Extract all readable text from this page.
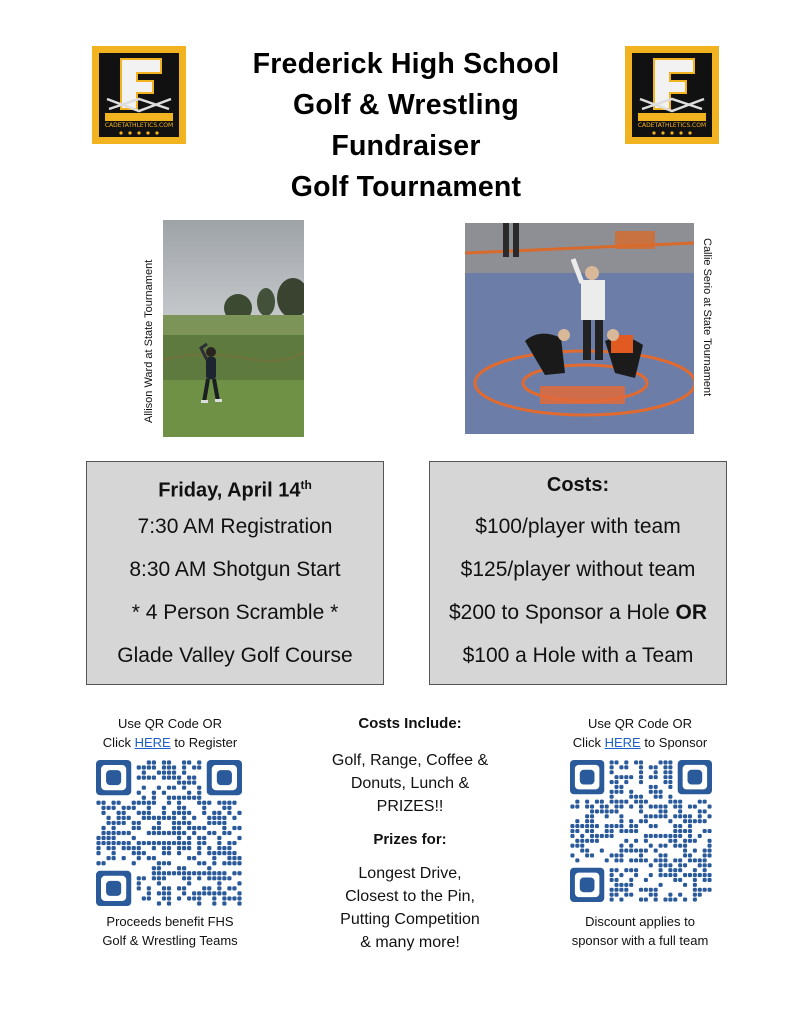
CADETATHLETICS.COM	CADETATHLETICS.COM
Frederick High School
Golf & Wrestling
Fundraiser
Golf Tournament
Allison Ward at State Tournament	Callie Serio at State Tournament
Friday, April 14th
7:30 AM Registration
8:30 AM Shotgun Start
* 4 Person Scramble *
Glade Valley Golf Course
Costs:
$100/player with team
$125/player without team
$200 to Sponsor a Hole OR
$100 a Hole with a Team
Use QR Code OR
Click HERE to Register
Proceeds benefit FHS
Golf & Wrestling Teams
Costs Include:
Golf, Range, Coffee &
Donuts, Lunch &
PRIZES!!
Prizes for:
Longest Drive,
Closest to the Pin,
Putting Competition
& many more!
Use QR Code OR
Click HERE to Sponsor
Discount applies to
sponsor with a full team
